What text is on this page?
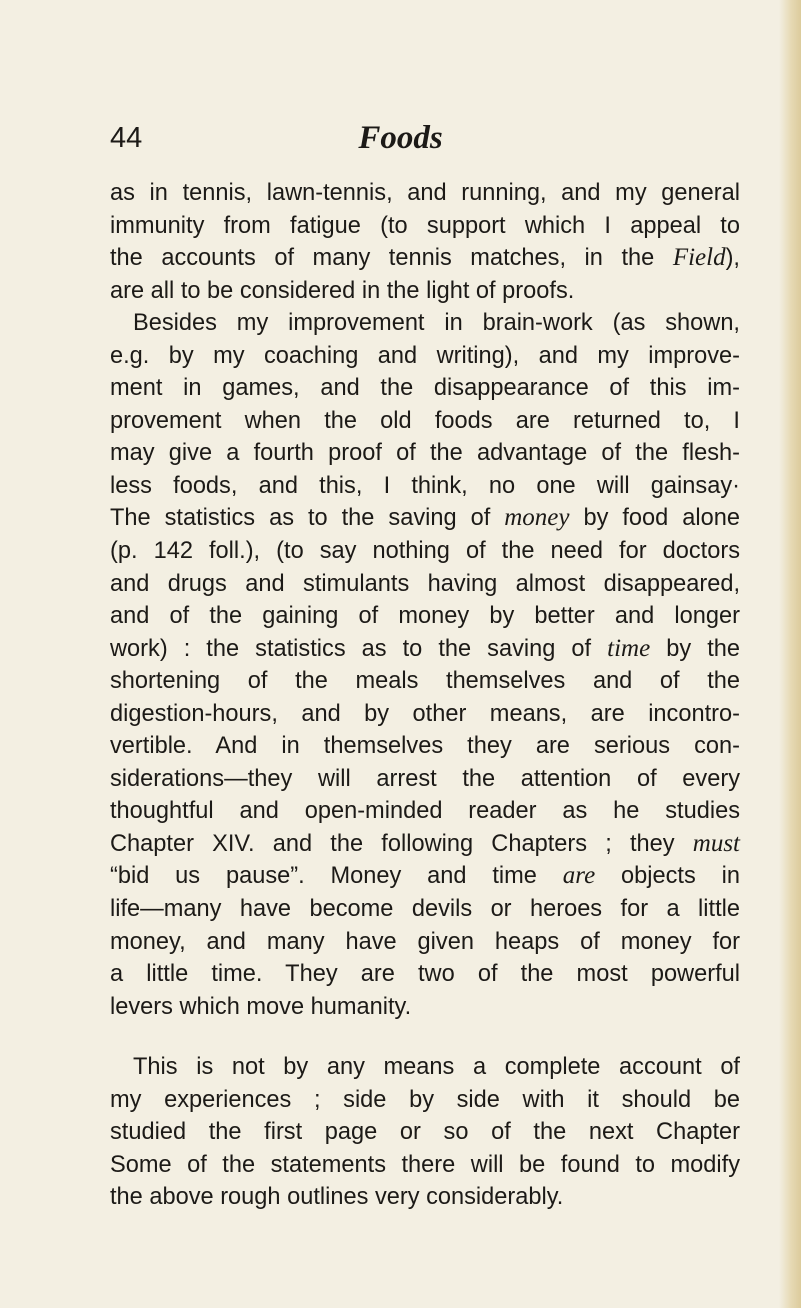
44	Foods
as in tennis, lawn-tennis, and running, and my general
immunity from fatigue (to support which I appeal to
the accounts of many tennis matches, in the Field),
are all to be considered in the light of proofs.
Besides my improvement in brain-work (as shown,
e.g. by my coaching and writing), and my improve-
ment in games, and the disappearance of this im-
provement when the old foods are returned to, I
may give a fourth proof of the advantage of the flesh-
less foods, and this, I think, no one will gainsay·
The statistics as to the saving of money by food alone
(p. 142 foll.), (to say nothing of the need for doctors
and drugs and stimulants having almost disappeared,
and of the gaining of money by better and longer
work) : the statistics as to the saving of time by the
shortening of the meals themselves and of the
digestion-hours, and by other means, are incontro-
vertible. And in themselves they are serious con-
siderations—they will arrest the attention of every
thoughtful and open-minded reader as he studies
Chapter XIV. and the following Chapters ; they must
“bid us pause”. Money and time are objects in
life—many have become devils or heroes for a little
money, and many have given heaps of money for
a little time. They are two of the most powerful
levers which move humanity.
This is not by any means a complete account of
my experiences ; side by side with it should be
studied the first page or so of the next Chapter
Some of the statements there will be found to modify
the above rough outlines very considerably.
